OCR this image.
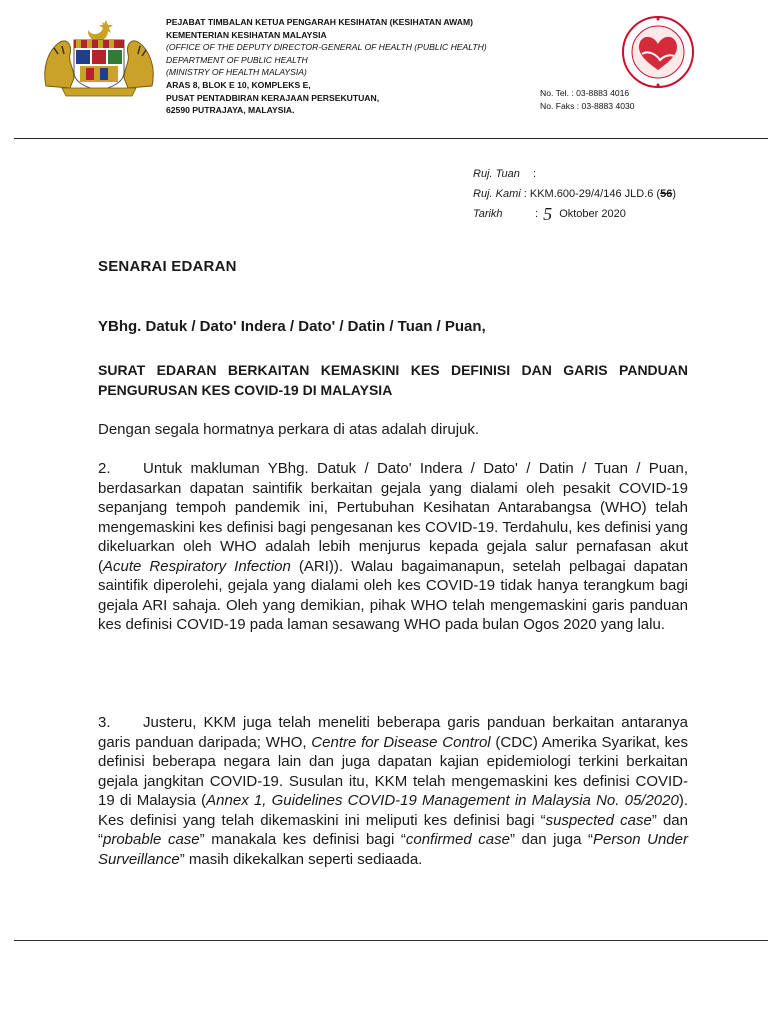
PEJABAT TIMBALAN KETUA PENGARAH KESIHATAN (KESIHATAN AWAM)
KEMENTERIAN KESIHATAN MALAYSIA
(OFFICE OF THE DEPUTY DIRECTOR-GENERAL OF HEALTH (PUBLIC HEALTH)
DEPARTMENT OF PUBLIC HEALTH
(MINISTRY OF HEALTH MALAYSIA)
ARAS 8, BLOK E 10, KOMPLEKS E,
PUSAT PENTADBIRAN KERAJAAN PERSEKUTUAN,
62590 PUTRAJAYA, MALAYSIA.
No. Tel. : 03-8883 4016
No. Faks : 03-8883 4030
Ruj. Tuan :
Ruj. Kami : KKM.600-29/4/146 JLD.6 (56)
Tarikh	: 5 Oktober 2020
SENARAI EDARAN
YBhg. Datuk / Dato' Indera / Dato' / Datin / Tuan / Puan,
SURAT EDARAN BERKAITAN KEMASKINI KES DEFINISI DAN GARIS PANDUAN PENGURUSAN KES COVID-19 DI MALAYSIA
Dengan segala hormatnya perkara di atas adalah dirujuk.
2. Untuk makluman YBhg. Datuk / Dato' Indera / Dato' / Datin / Tuan / Puan, berdasarkan dapatan saintifik berkaitan gejala yang dialami oleh pesakit COVID-19 sepanjang tempoh pandemik ini, Pertubuhan Kesihatan Antarabangsa (WHO) telah mengemaskini kes definisi bagi pengesanan kes COVID-19. Terdahulu, kes definisi yang dikeluarkan oleh WHO adalah lebih menjurus kepada gejala salur pernafasan akut (Acute Respiratory Infection (ARI)). Walau bagaimanapun, setelah pelbagai dapatan saintifik diperolehi, gejala yang dialami oleh kes COVID-19 tidak hanya terangkum bagi gejala ARI sahaja. Oleh yang demikian, pihak WHO telah mengemaskini garis panduan kes definisi COVID-19 pada laman sesawang WHO pada bulan Ogos 2020 yang lalu.
3. Justeru, KKM juga telah meneliti beberapa garis panduan berkaitan antaranya garis panduan daripada; WHO, Centre for Disease Control (CDC) Amerika Syarikat, kes definisi beberapa negara lain dan juga dapatan kajian epidemiologi terkini berkaitan gejala jangkitan COVID-19. Susulan itu, KKM telah mengemaskini kes definisi COVID-19 di Malaysia (Annex 1, Guidelines COVID-19 Management in Malaysia No. 05/2020). Kes definisi yang telah dikemaskini ini meliputi kes definisi bagi “suspected case” dan “probable case” manakala kes definisi bagi “confirmed case” dan juga “Person Under Surveillance” masih dikekalkan seperti sediaada.
